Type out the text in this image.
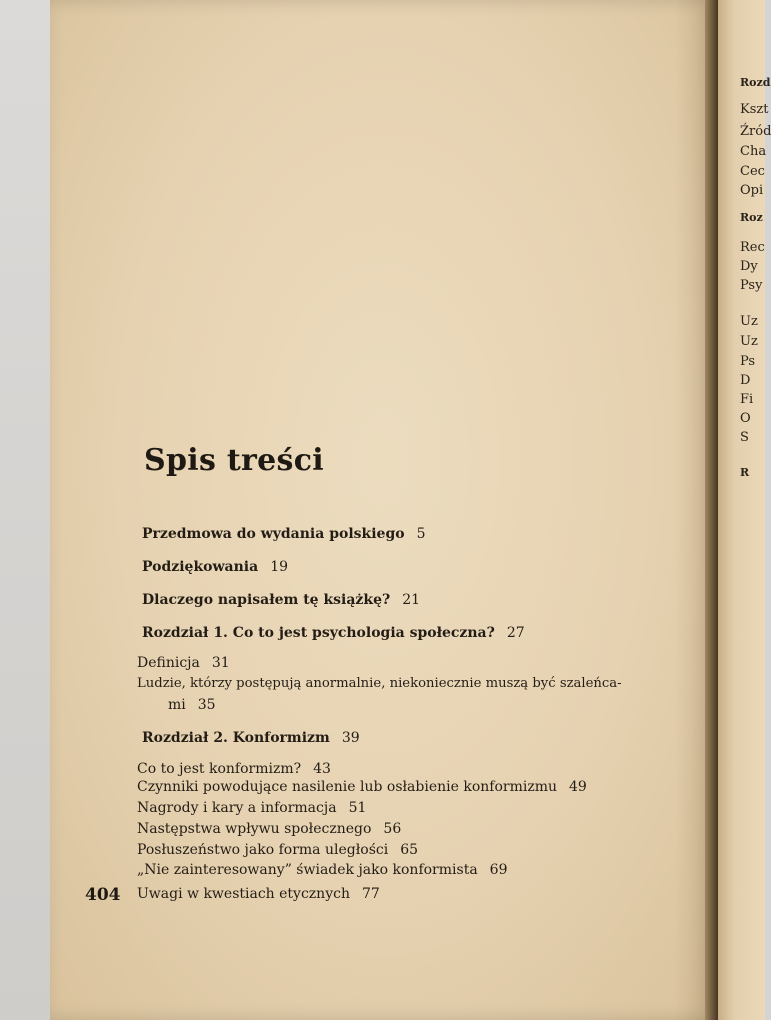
Spis treści
Przedmowa do wydania polskiego 5
Podziękowania 19
Dlaczego napisałem tę książkę? 21
Rozdział 1. Co to jest psychologia społeczna? 27
Definicja 31
Ludzie, którzy postępują anormalnie, niekoniecznie muszą być szaleńca-
mi 35
Rozdział 2. Konformizm 39
Co to jest konformizm? 43
Czynniki powodujące nasilenie lub osłabienie konformizmu 49
Nagrody i kary a informacja 51
Następstwa wpływu społecznego 56
Posłuszeństwo jako forma uległości 65
„Nie zainteresowany” świadek jako konformista 69
Uwagi w kwestiach etycznych 77
404
Rozd
Kszt
Źród
Cha
Cec
Opi
Roz
Rec
Dy
Psy
Uz
Uz
Ps
D
Fi
O
S
R
